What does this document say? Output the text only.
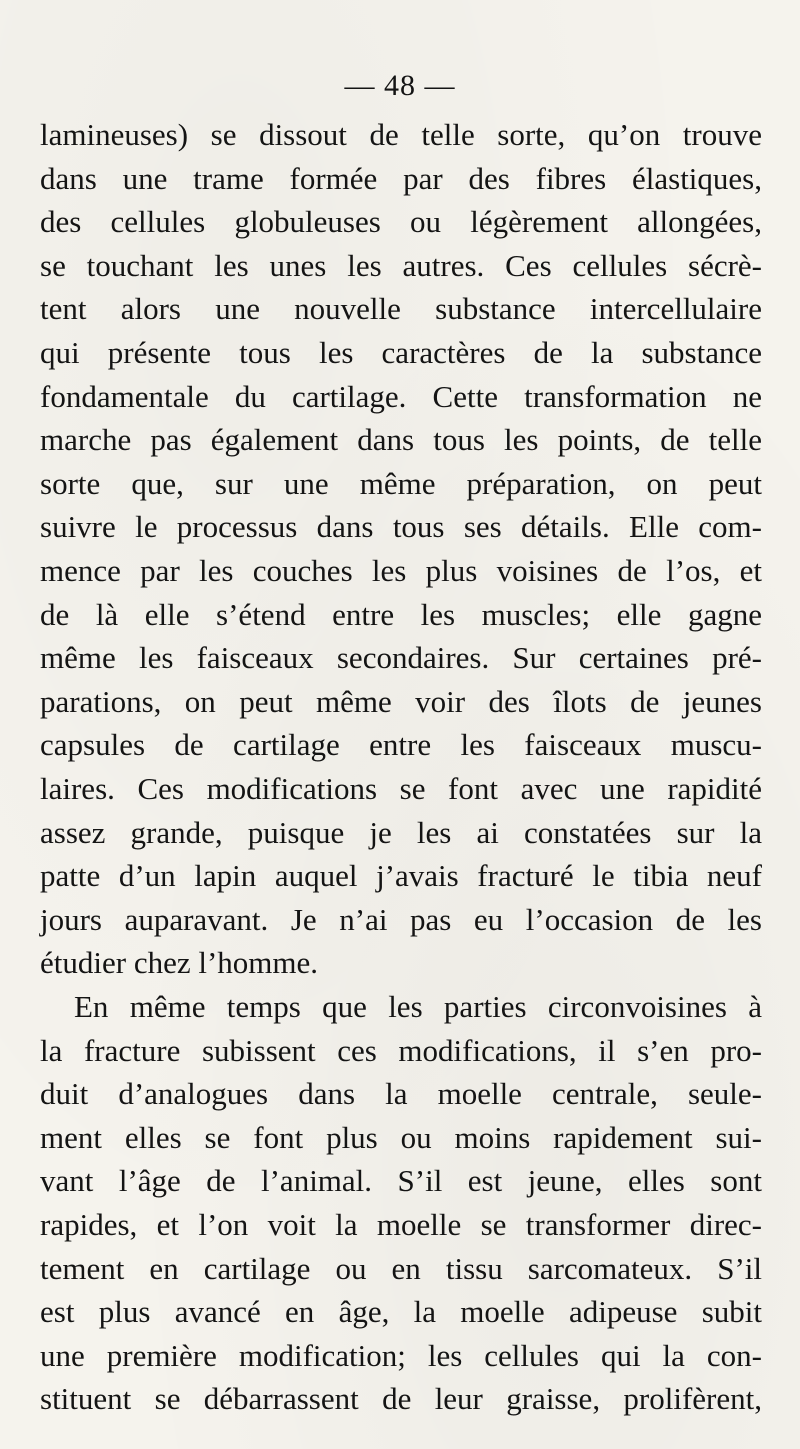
— 48 —
lamineuses) se dissout de telle sorte, qu’on trouve
dans une trame formée par des fibres élastiques,
des cellules globuleuses ou légèrement allongées,
se touchant les unes les autres. Ces cellules sécrè-
tent alors une nouvelle substance intercellulaire
qui présente tous les caractères de la substance
fondamentale du cartilage. Cette transformation ne
marche pas également dans tous les points, de telle
sorte que, sur une même préparation, on peut
suivre le processus dans tous ses détails. Elle com-
mence par les couches les plus voisines de l’os, et
de là elle s’étend entre les muscles; elle gagne
même les faisceaux secondaires. Sur certaines pré-
parations, on peut même voir des îlots de jeunes
capsules de cartilage entre les faisceaux muscu-
laires. Ces modifications se font avec une rapidité
assez grande, puisque je les ai constatées sur la
patte d’un lapin auquel j’avais fracturé le tibia neuf
jours auparavant. Je n’ai pas eu l’occasion de les
étudier chez l’homme.
En même temps que les parties circonvoisines à
la fracture subissent ces modifications, il s’en pro-
duit d’analogues dans la moelle centrale, seule-
ment elles se font plus ou moins rapidement sui-
vant l’âge de l’animal. S’il est jeune, elles sont
rapides, et l’on voit la moelle se transformer direc-
tement en cartilage ou en tissu sarcomateux. S’il
est plus avancé en âge, la moelle adipeuse subit
une première modification; les cellules qui la con-
stituent se débarrassent de leur graisse, prolifèrent,
